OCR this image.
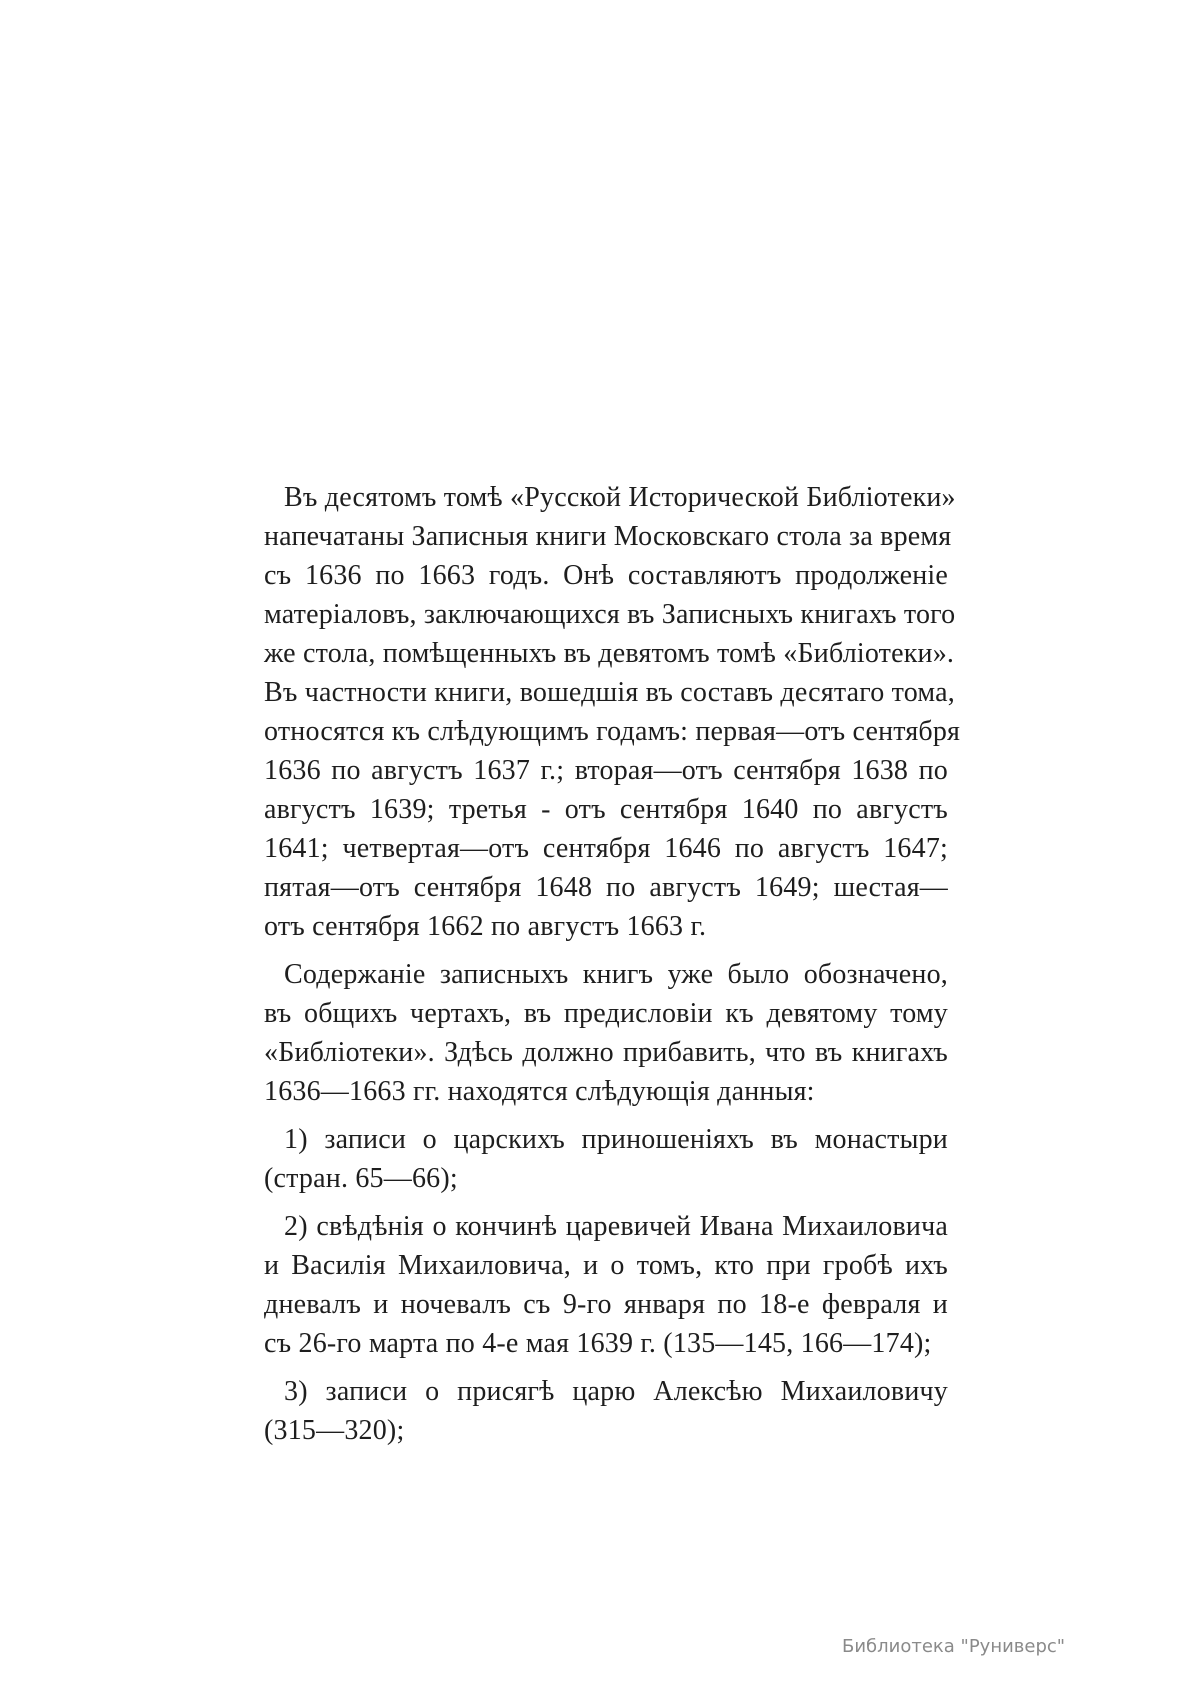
Въ десятомъ томѣ «Русской Исторической Библіотеки»
напечатаны Записныя книги Московскаго стола за время
съ 1636 по 1663 годъ. Онѣ составляютъ продолженіе
матеріаловъ, заключающихся въ Записныхъ книгахъ того
же стола, помѣщенныхъ въ девятомъ томѣ «Библіотеки».
Въ частности книги, вошедшія въ составъ десятаго тома,
относятся къ слѣдующимъ годамъ: первая—отъ сентября
1636 по августъ 1637 г.; вторая—отъ сентября 1638 по
августъ 1639; третья - отъ сентября 1640 по августъ
1641; четвертая—отъ сентября 1646 по августъ 1647;
пятая—отъ сентября 1648 по августъ 1649; шестая—
отъ сентября 1662 по августъ 1663 г.
Содержаніе записныхъ книгъ уже было обозначено,
въ общихъ чертахъ, въ предисловіи къ девятому тому
«Библіотеки». Здѣсь должно прибавить, что въ книгахъ
1636—1663 гг. находятся слѣдующія данныя:
1) записи о царскихъ приношеніяхъ въ монастыри
(стран. 65—66);
2) свѣдѣнія о кончинѣ царевичей Ивана Михаиловича
и Василія Михаиловича, и о томъ, кто при гробѣ ихъ
дневалъ и ночевалъ съ 9-го января по 18-е февраля и
съ 26-го марта по 4-е мая 1639 г. (135—145, 166—174);
3) записи о присягѣ царю Алексѣю Михаиловичу
(315—320);
Библиотека "Руниверс"
